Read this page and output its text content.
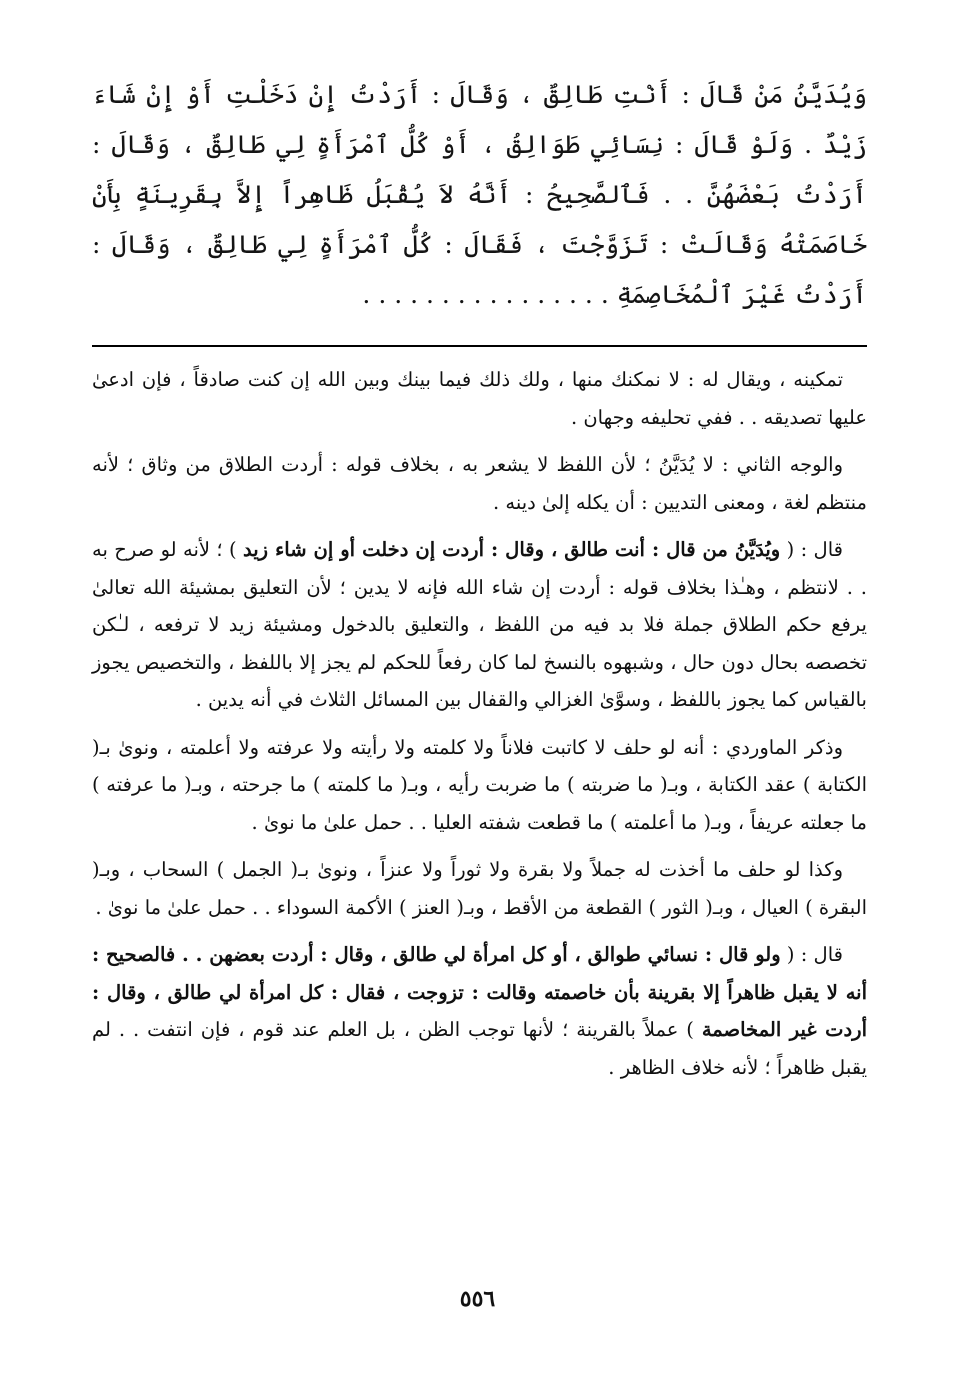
وَيُدَيَّنُ مَنْ قَالَ : أَنْتِ طَالِقٌ ، وَقَالَ : أَرَدْتُ إِنْ دَخَلْتِ أَوْ إِنْ شَاءَ زَيْدٌ . وَلَوْ قَالَ : نِسَائِي طَوَالِقُ ، أَوْ كُلُّ ٱمْرَأَةٍ لِي طَالِقٌ ، وَقَالَ : أَرَدْتُ بَعْضَهُنَّ . . فَٱلصَّحِيحُ : أَنَّهُ لاَ يُقْبَلُ ظَاهِراً إِلاَّ بِقَرِينَةٍ بِأَنْ خَاصَمَتْهُ وَقَالَتْ : تَزَوَّجْتَ ، فَقَالَ : كُلُّ ٱمْرَأَةٍ لِي طَالِقٌ ، وَقَالَ : أَرَدْتُ غَيْرَ ٱلْمُخَاصِمَةِ . . . . . . . . . . . . . . . .

تمكينه ، ويقال له : لا نمكنك منها ، ولك ذلك فيما بينك وبين الله إن كنت صادقاً ، فإن ادعىٰ عليها تصديقه . . ففي تحليفه وجهان .

والوجه الثاني : لا يُدَيَّنُ ؛ لأن اللفظ لا يشعر به ، بخلاف قوله : أردت الطلاق من وثاق ؛ لأنه منتظم لغة ، ومعنى التديين : أن يكله إلىٰ دينه .

قال : ( ويُدَيَّنُ من قال : أنت طالق ، وقال : أردت إن دخلت أو إن شاء زيد ) ؛ لأنه لو صرح به . . لانتظم ، وهـٰذا بخلاف قوله : أردت إن شاء الله فإنه لا يدين ؛ لأن التعليق بمشيئة الله تعالىٰ يرفع حكم الطلاق جملة فلا بد فيه من اللفظ ، والتعليق بالدخول ومشيئة زيد لا ترفعه ، لـٰكن تخصصه بحال دون حال ، وشبهوه بالنسخ لما كان رفعاً للحكم لم يجز إلا باللفظ ، والتخصيص يجوز بالقياس كما يجوز باللفظ ، وسوَّىٰ الغزالي والقفال بين المسائل الثلاث في أنه يدين .

وذكر الماوردي : أنه لو حلف لا كاتبت فلاناً ولا كلمته ولا رأيته ولا عرفته ولا أعلمته ، ونوىٰ بـ( الكتابة ) عقد الكتابة ، وبـ( ما ضربته ) ما ضربت رأيه ، وبـ( ما كلمته ) ما جرحته ، وبـ( ما عرفته ) ما جعلته عريفاً ، وبـ( ما أعلمته ) ما قطعت شفته العليا . . حمل علىٰ ما نوىٰ .

وكذا لو حلف ما أخذت له جملاً ولا بقرة ولا ثوراً ولا عنزاً ، ونوىٰ بـ( الجمل ) السحاب ، وبـ( البقرة ) العيال ، وبـ( الثور ) القطعة من الأقط ، وبـ( العنز ) الأكمة السوداء . . حمل علىٰ ما نوىٰ .

قال : ( ولو قال : نسائي طوالق ، أو كل امرأة لي طالق ، وقال : أردت بعضهن . . فالصحيح : أنه لا يقبل ظاهراً إلا بقرينة بأن خاصمته وقالت : تزوجت ، فقال : كل امرأة لي طالق ، وقال : أردت غير المخاصمة ) عملاً بالقرينة ؛ لأنها توجب الظن ، بل العلم عند قوم ، فإن انتفت . . لم يقبل ظاهراً ؛ لأنه خلاف الظاهر .

٥٥٦
